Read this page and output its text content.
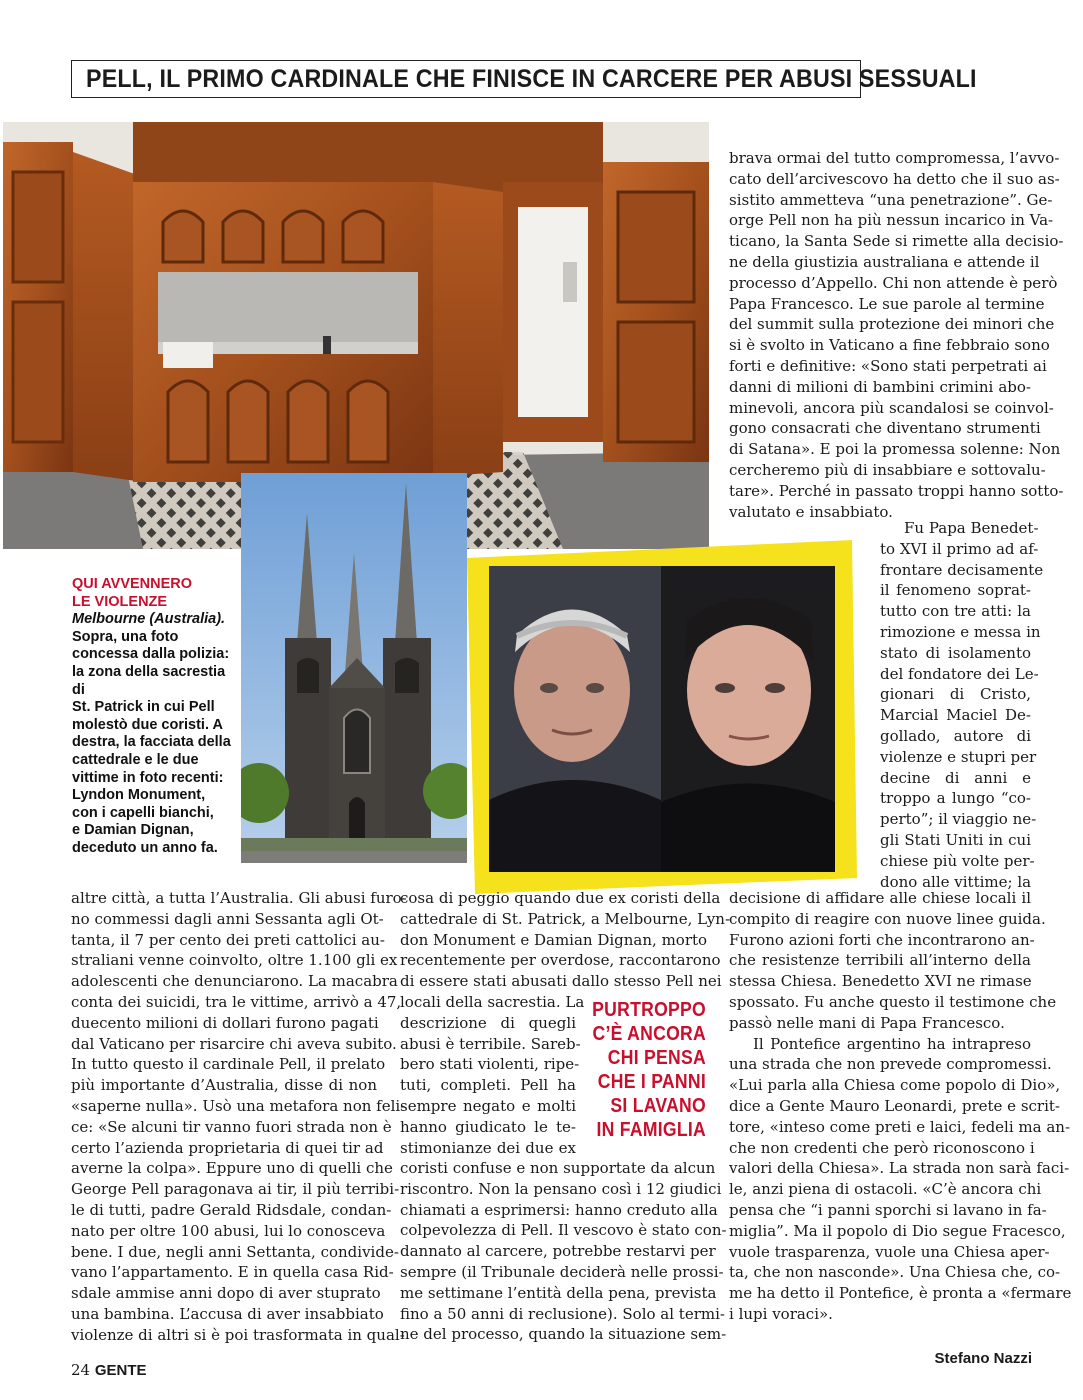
PELL, IL PRIMO CARDINALE CHE FINISCE IN CARCERE PER ABUSI SESSUALI
QUI AVVENNERO
LE VIOLENZE
Melbourne (Australia).
Sopra, una foto
concessa dalla polizia:
la zona della sacrestia di
St. Patrick in cui Pell
molestò due coristi. A
destra, la facciata della
cattedrale e le due
vittime in foto recenti:
Lyndon Monument,
con i capelli bianchi,
e Damian Dignan,
deceduto un anno fa.
brava ormai del tutto compromessa, l’avvo-
cato dell’arcivescovo ha detto che il suo as-
sistito ammetteva “una penetrazione”. Ge-
orge Pell non ha più nessun incarico in Va-
ticano, la Santa Sede si rimette alla decisio-
ne della giustizia australiana e attende il
processo d’Appello. Chi non attende è però
Papa Francesco. Le sue parole al termine
del summit sulla protezione dei minori che
si è svolto in Vaticano a fine febbraio sono
forti e definitive: «Sono stati perpetrati ai
danni di milioni di bambini crimini abo-
minevoli, ancora più scandalosi se coinvol-
gono consacrati che diventano strumenti
di Satana». E poi la promessa solenne: Non
cercheremo più di insabbiare e sottovalu-
tare». Perché in passato troppi hanno sotto-
valutato e insabbiato.
Fu Papa Benedet-
to XVI il primo ad af-
frontare decisamente
il fenomeno soprat-
tutto con tre atti: la
rimozione e messa in
stato di isolamento
del fondatore dei Le-
gionari di Cristo,
Marcial Maciel De-
gollado, autore di
violenze e stupri per
decine di anni e
troppo a lungo “co-
perto”; il viaggio ne-
gli Stati Uniti in cui
chiese più volte per-
dono alle vittime; la
altre città, a tutta l’Australia. Gli abusi furo-
no commessi dagli anni Sessanta agli Ot-
tanta, il 7 per cento dei preti cattolici au-
straliani venne coinvolto, oltre 1.100 gli ex
adolescenti che denunciarono. La macabra
conta dei suicidi, tra le vittime, arrivò a 47,
duecento milioni di dollari furono pagati
dal Vaticano per risarcire chi aveva subito.
In tutto questo il cardinale Pell, il prelato
più importante d’Australia, disse di non
«saperne nulla». Usò una metafora non feli-
ce: «Se alcuni tir vanno fuori strada non è
certo l’azienda proprietaria di quei tir ad
averne la colpa». Eppure uno di quelli che
George Pell paragonava ai tir, il più terribi-
le di tutti, padre Gerald Ridsdale, condan-
nato per oltre 100 abusi, lui lo conosceva
bene. I due, negli anni Settanta, condivide-
vano l’appartamento. E in quella casa Rid-
sdale ammise anni dopo di aver stuprato
una bambina. L’accusa di aver insabbiato
violenze di altri si è poi trasformata in qual-
cosa di peggio quando due ex coristi della
cattedrale di St. Patrick, a Melbourne, Lyn-
don Monument e Damian Dignan, morto
recentemente per overdose, raccontarono
di essere stati abusati dallo stesso Pell nei
locali della sacrestia. La
descrizione di quegli
abusi è terribile. Sareb-
bero stati violenti, ripe-
tuti, completi. Pell ha
sempre negato e molti
hanno giudicato le te-
stimonianze dei due ex
PURTROPPO
C’È ANCORA
CHI PENSA
CHE I PANNI
SI LAVANO
IN FAMIGLIA
coristi confuse e non supportate da alcun
riscontro. Non la pensano così i 12 giudici
chiamati a esprimersi: hanno creduto alla
colpevolezza di Pell. Il vescovo è stato con-
dannato al carcere, potrebbe restarvi per
sempre (il Tribunale deciderà nelle prossi-
me settimane l’entità della pena, prevista
fino a 50 anni di reclusione). Solo al termi-
ne del processo, quando la situazione sem-
decisione di affidare alle chiese locali il
compito di reagire con nuove linee guida.
Furono azioni forti che incontrarono an-
che resistenze terribili all’interno della
stessa Chiesa. Benedetto XVI ne rimase
spossato. Fu anche questo il testimone che
passò nelle mani di Papa Francesco.
Il Pontefice argentino ha intrapreso
una strada che non prevede compromessi.
«Lui parla alla Chiesa come popolo di Dio»,
dice a Gente Mauro Leonardi, prete e scrit-
tore, «inteso come preti e laici, fedeli ma an-
che non credenti che però riconoscono i
valori della Chiesa». La strada non sarà faci-
le, anzi piena di ostacoli. «C’è ancora chi
pensa che “i panni sporchi si lavano in fa-
miglia”. Ma il popolo di Dio segue Fracesco,
vuole trasparenza, vuole una Chiesa aper-
ta, che non nasconde». Una Chiesa che, co-
me ha detto il Pontefice, è pronta a «fermare
i lupi voraci».
Stefano Nazzi
24 GENTE
